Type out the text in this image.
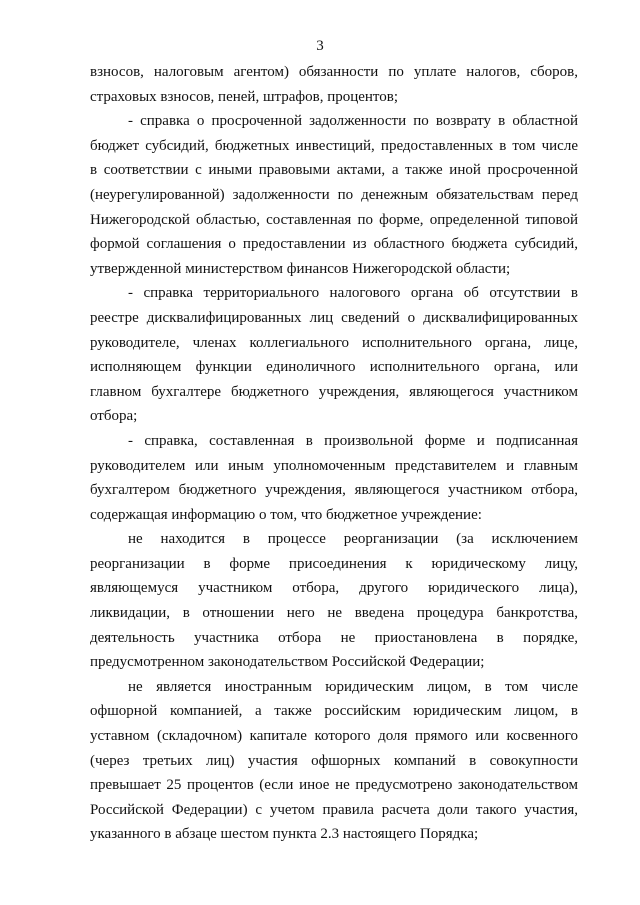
3
взносов, налоговым агентом) обязанности по уплате налогов, сборов,
страховых взносов, пеней, штрафов, процентов;
- справка о просроченной задолженности по возврату в областной
бюджет субсидий, бюджетных инвестиций, предоставленных в том числе
в соответствии с иными правовыми актами, а также иной просроченной
(неурегулированной) задолженности по денежным обязательствам перед
Нижегородской областью, составленная по форме, определенной типовой
формой соглашения о предоставлении из областного бюджета субсидий,
утвержденной министерством финансов Нижегородской области;
- справка территориального налогового органа об отсутствии в
реестре дисквалифицированных лиц сведений о дисквалифицированных
руководителе, членах коллегиального исполнительного органа, лице,
исполняющем функции единоличного исполнительного органа, или
главном бухгалтере бюджетного учреждения, являющегося участником
отбора;
- справка, составленная в произвольной форме и подписанная
руководителем или иным уполномоченным представителем и главным
бухгалтером бюджетного учреждения, являющегося участником отбора,
содержащая информацию о том, что бюджетное учреждение:
не находится в процессе реорганизации (за исключением
реорганизации в форме присоединения к юридическому лицу,
являющемуся участником отбора, другого юридического лица),
ликвидации, в отношении него не введена процедура банкротства,
деятельность участника отбора не приостановлена в порядке,
предусмотренном законодательством Российской Федерации;
не является иностранным юридическим лицом, в том числе
офшорной компанией, а также российским юридическим лицом, в
уставном (складочном) капитале которого доля прямого или косвенного
(через третьих лиц) участия офшорных компаний в совокупности
превышает 25 процентов (если иное не предусмотрено законодательством
Российской Федерации) с учетом правила расчета доли такого участия,
указанного в абзаце шестом пункта 2.3 настоящего Порядка;
